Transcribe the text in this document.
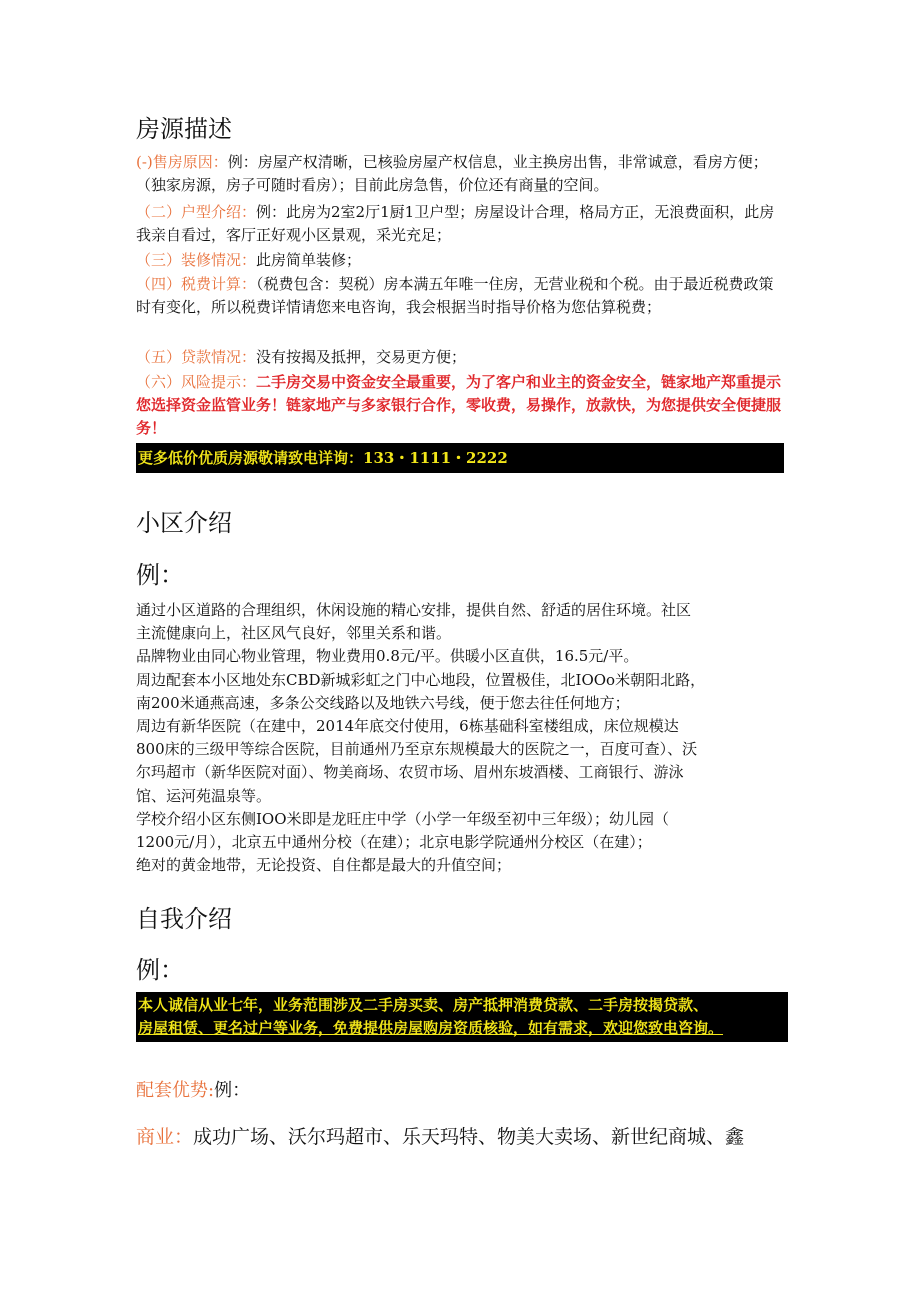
房源描述
(-)售房原因：例：房屋产权清晰，已核验房屋产权信息，业主换房出售，非常诚意，看房方便；（独家房源，房子可随时看房）；目前此房急售，价位还有商量的空间。
（二）户型介绍：例：此房为2室2厅1厨1卫户型；房屋设计合理，格局方正，无浪费面积，此房我亲自看过，客厅正好观小区景观，采光充足；
（三）装修情况：此房简单装修；
（四）税费计算：（税费包含：契税）房本满五年唯一住房，无营业税和个税。由于最近税费政策时有变化，所以税费详情请您来电咨询，我会根据当时指导价格为您估算税费；
（五）贷款情况：没有按揭及抵押，交易更方便；
（六）风险提示：二手房交易中资金安全最重要，为了客户和业主的资金安全，链家地产郑重提示您选择资金监管业务！链家地产与多家银行合作，零收费，易操作，放款快，为您提供安全便捷服务！
更多低价优质房源敬请致电详询：133・1111・2222
小区介绍
例：
通过小区道路的合理组织，休闲设施的精心安排，提供自然、舒适的居住环境。社区
主流健康向上，社区风气良好，邻里关系和谐。
品牌物业由同心物业管理，物业费用0.8元/平。供暖小区直供，16.5元/平。
周边配套本小区地处东CBD新城彩虹之门中心地段，位置极佳，北IOOo米朝阳北路，
南200米通燕高速，多条公交线路以及地铁六号线，便于您去往任何地方；
周边有新华医院（在建中，2014年底交付使用，6栋基础科室楼组成，床位规模达
800床的三级甲等综合医院，目前通州乃至京东规模最大的医院之一，百度可查）、沃
尔玛超市（新华医院对面）、物美商场、农贸市场、眉州东坡酒楼、工商银行、游泳
馆、运河苑温泉等。
学校介绍小区东侧IOO米即是龙旺庄中学（小学一年级至初中三年级）；幼儿园（
1200元/月），北京五中通州分校（在建）；北京电影学院通州分校区（在建）；
绝对的黄金地带，无论投资、自住都是最大的升值空间；
自我介绍
例：
本人诚信从业七年，业务范围涉及二手房买卖、房产抵押消费贷款、二手房按揭贷款、
房屋租赁、更名过户等业务，免费提供房屋购房资质核验，如有需求，欢迎您致电咨询。
配套优势:例：
商业：成功广场、沃尔玛超市、乐天玛特、物美大卖场、新世纪商城、鑫
